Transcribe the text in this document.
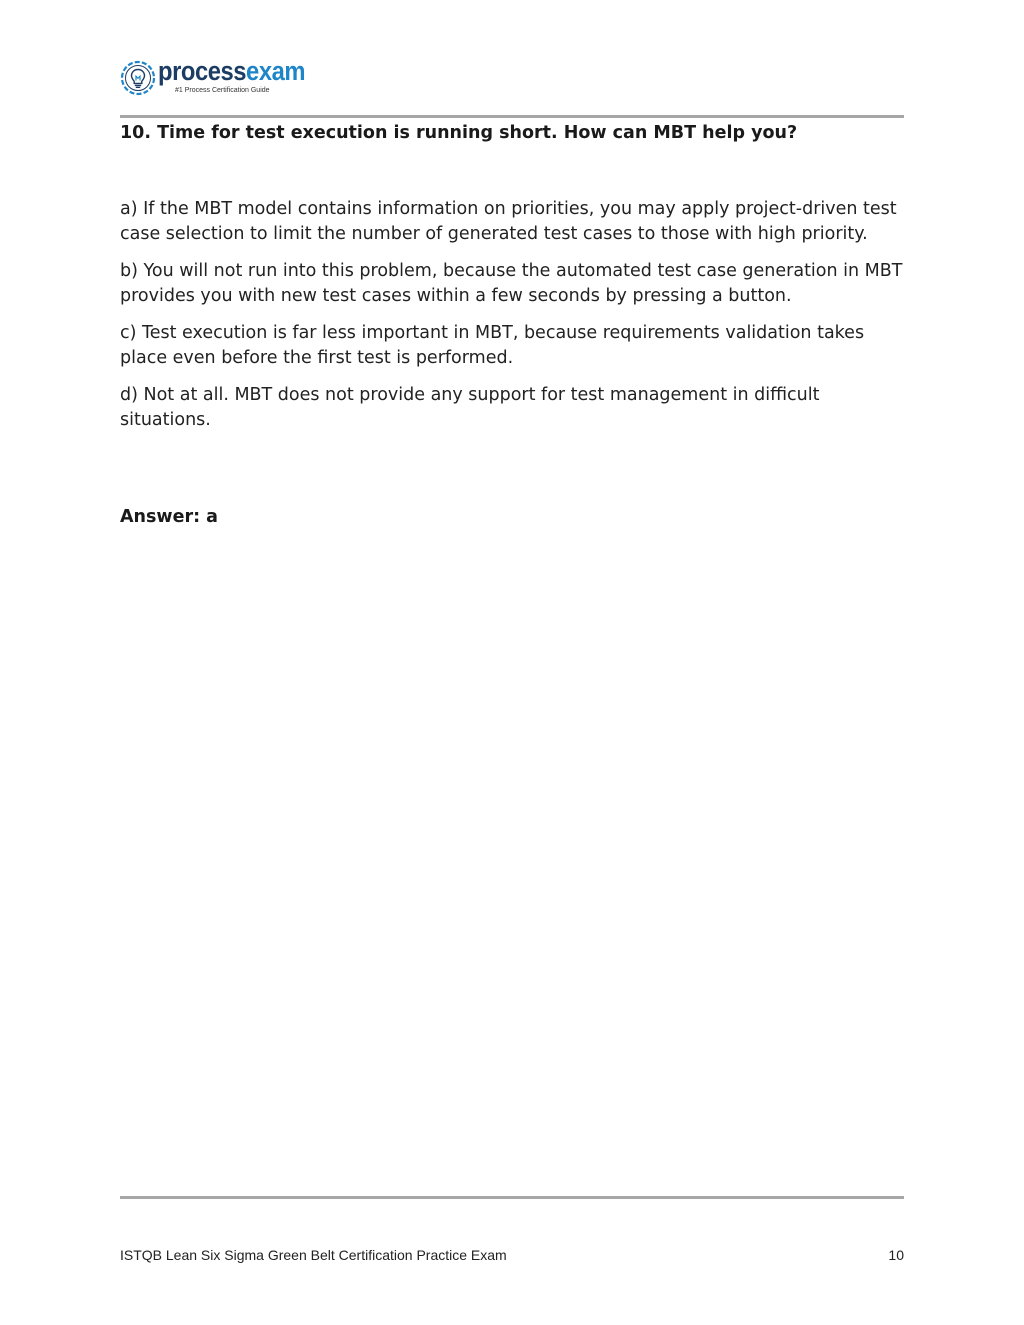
processexam
#1 Process Certification Guide
10. Time for test execution is running short. How can MBT help you?
a) If the MBT model contains information on priorities, you may apply project-driven test case selection to limit the number of generated test cases to those with high priority.
b) You will not run into this problem, because the automated test case generation in MBT provides you with new test cases within a few seconds by pressing a button.
c) Test execution is far less important in MBT, because requirements validation takes place even before the first test is performed.
d) Not at all. MBT does not provide any support for test management in difficult situations.
Answer: a
ISTQB Lean Six Sigma Green Belt Certification Practice Exam	10
